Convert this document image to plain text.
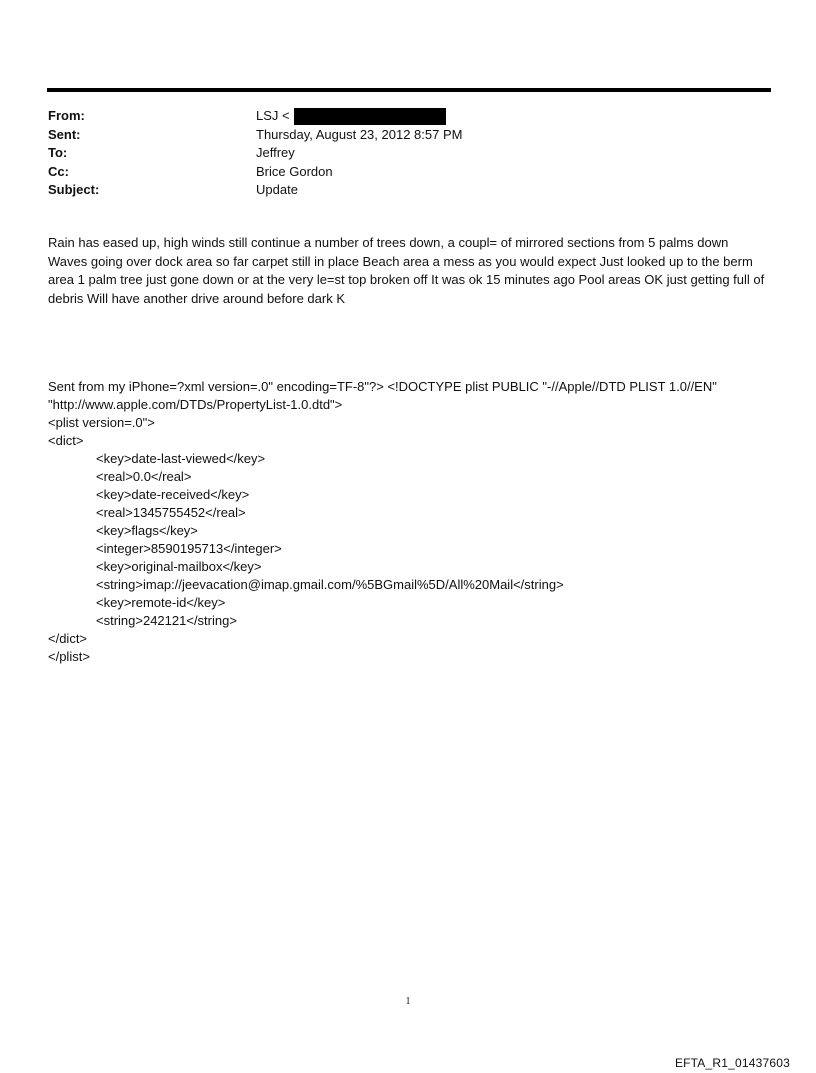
From:	LSJ <
Sent:	Thursday, August 23, 2012 8:57 PM
To:	Jeffrey
Cc:	Brice Gordon
Subject:	Update
Rain has eased up, high winds still continue a number of trees down, a coupl= of mirrored sections from 5 palms down Waves going over dock area so far carpet still in place Beach area a mess as you would expect Just looked up to the berm area 1 palm tree just gone down or at the very le=st top broken off It was ok 15 minutes ago Pool areas OK just getting full of debris Will have another drive around before dark K
Sent from my iPhone=?xml version=.0" encoding=TF-8"?> <!DOCTYPE plist PUBLIC "-//Apple//DTD PLIST 1.0//EN"
"http://www.apple.com/DTDs/PropertyList-1.0.dtd">
<plist version=.0">
<dict>
<key>date-last-viewed</key>
<real>0.0</real>
<key>date-received</key>
<real>1345755452</real>
<key>flags</key>
<integer>8590195713</integer>
<key>original-mailbox</key>
<string>imap://jeevacation@imap.gmail.com/%5BGmail%5D/All%20Mail</string>
<key>remote-id</key>
<string>242121</string>
</dict>
</plist>
1
EFTA_R1_01437603
